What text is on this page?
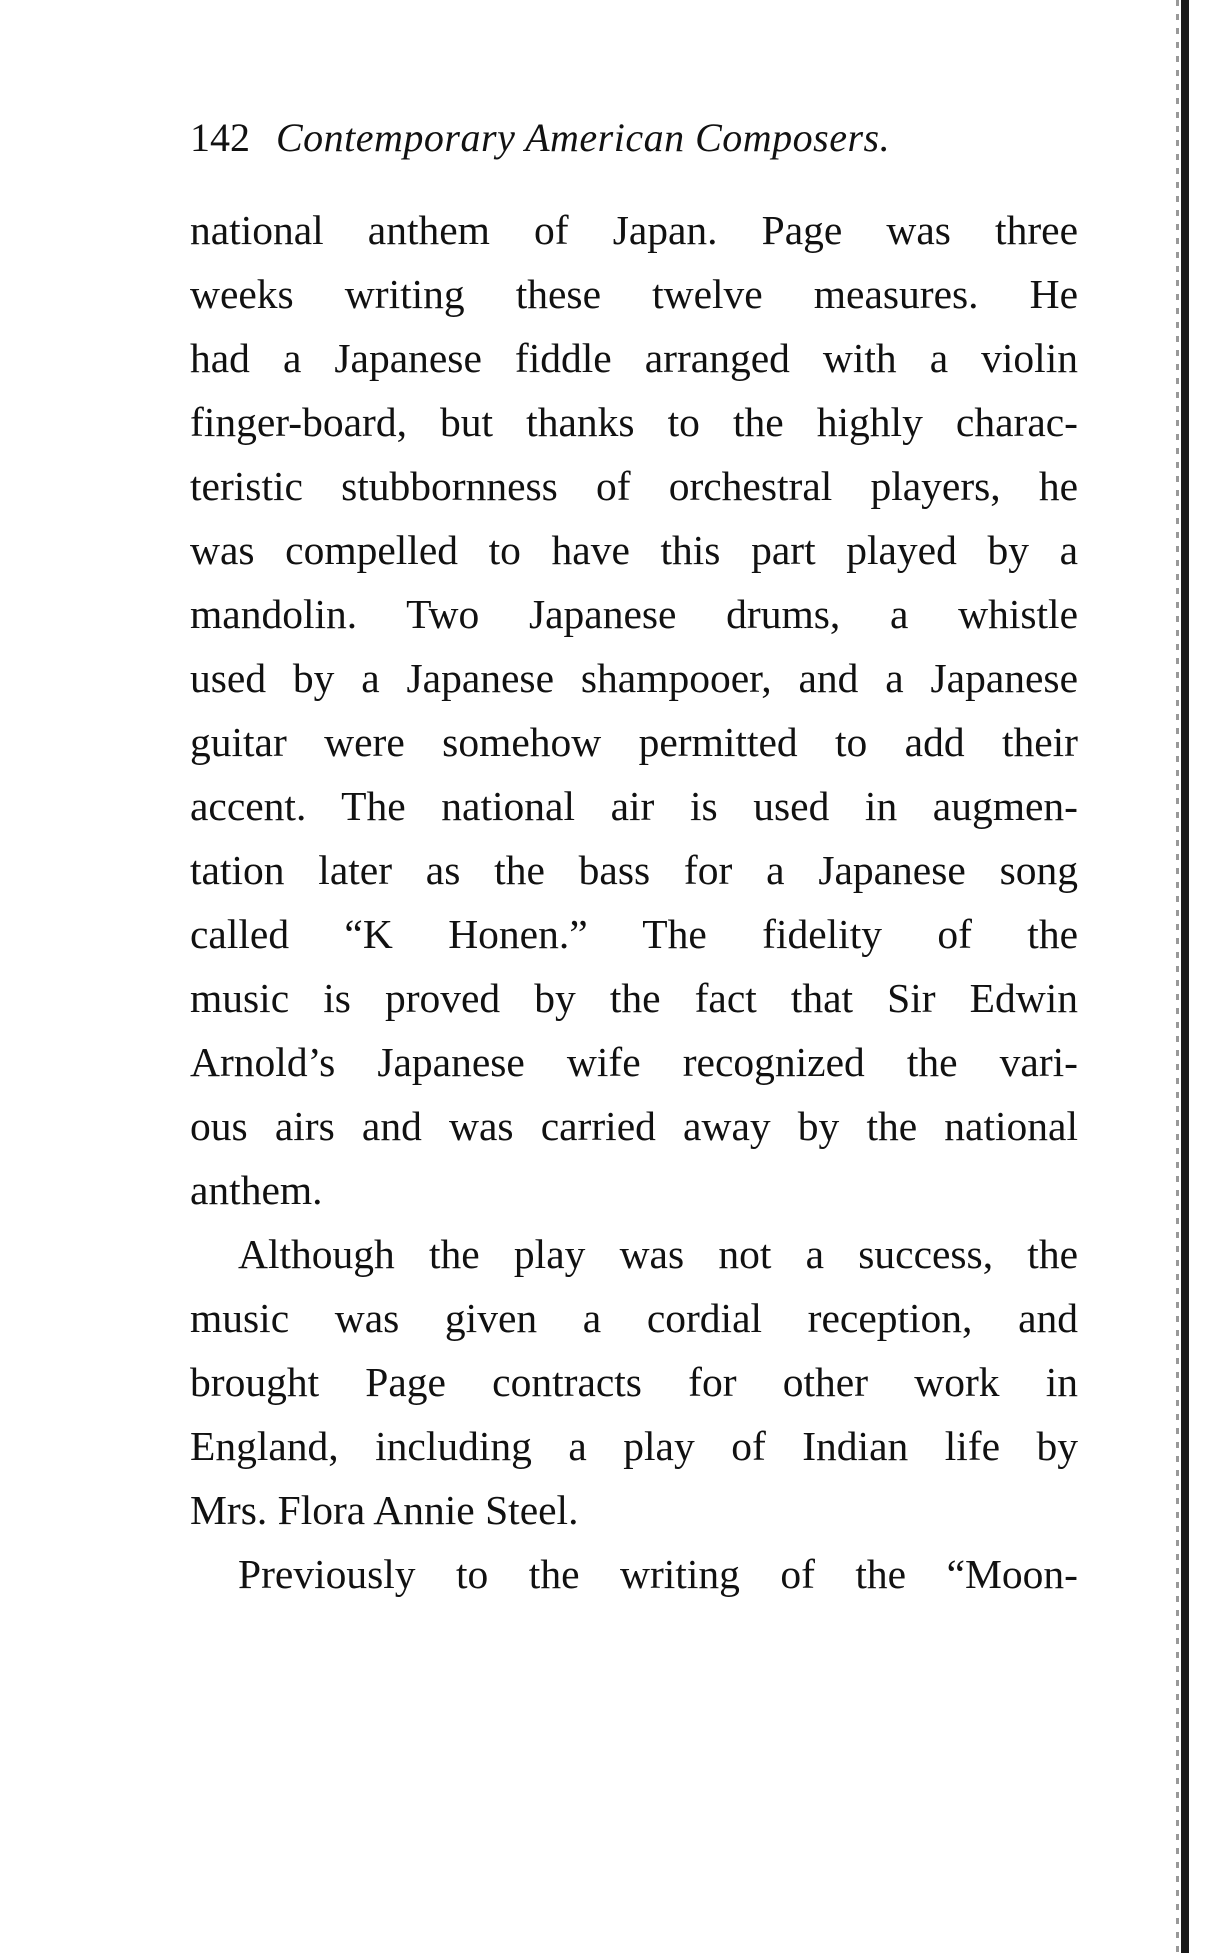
142 Contemporary American Composers.
national anthem of Japan. Page was three
weeks writing these twelve measures. He
had a Japanese fiddle arranged with a violin
finger-board, but thanks to the highly charac-
teristic stubbornness of orchestral players, he
was compelled to have this part played by a
mandolin. Two Japanese drums, a whistle
used by a Japanese shampooer, and a Japanese
guitar were somehow permitted to add their
accent. The national air is used in augmen-
tation later as the bass for a Japanese song
called “K Honen.” The fidelity of the
music is proved by the fact that Sir Edwin
Arnold’s Japanese wife recognized the vari-
ous airs and was carried away by the national
anthem.
Although the play was not a success, the
music was given a cordial reception, and
brought Page contracts for other work in
England, including a play of Indian life by
Mrs. Flora Annie Steel.
Previously to the writing of the “Moon-
